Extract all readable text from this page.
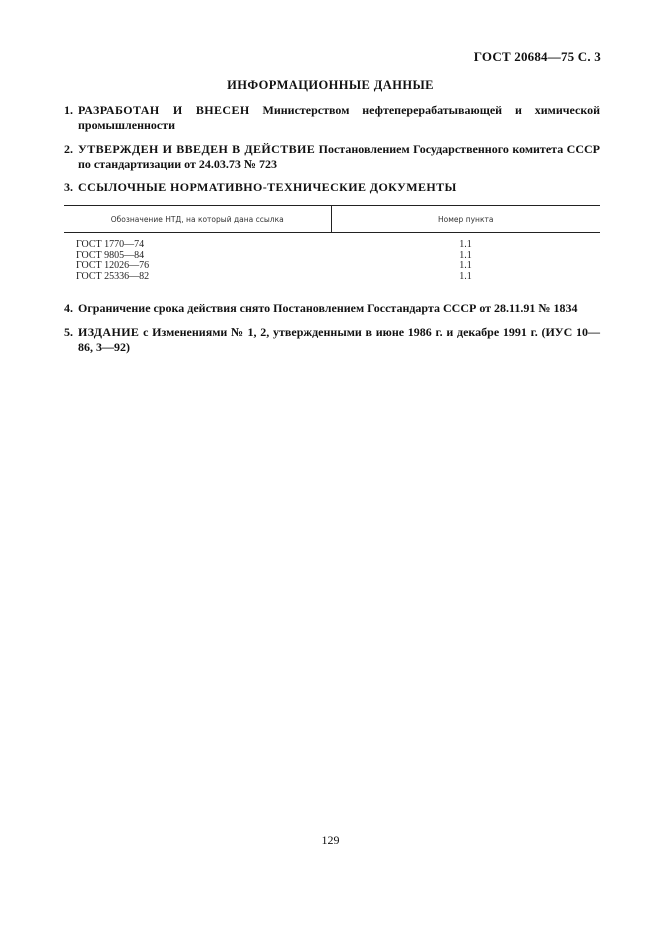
ГОСТ 20684—75 С. 3
ИНФОРМАЦИОННЫЕ ДАННЫЕ
1. РАЗРАБОТАН И ВНЕСЕН Министерством нефтеперерабатывающей и химической промышленности
2. УТВЕРЖДЕН И ВВЕДЕН В ДЕЙСТВИЕ Постановлением Государственного комитета СССР по стандартизации от 24.03.73 № 723
3. ССЫЛОЧНЫЕ НОРМАТИВНО-ТЕХНИЧЕСКИЕ ДОКУМЕНТЫ
Обозначение НТД, на который дана ссылка	Номер пункта
ГОСТ 1770—74
ГОСТ 9805—84
ГОСТ 12026—76
ГОСТ 25336—82
1.1
1.1
1.1
1.1
4. Ограничение срока действия снято Постановлением Госстандарта СССР от 28.11.91 № 1834
5. ИЗДАНИЕ с Изменениями № 1, 2, утвержденными в июне 1986 г. и декабре 1991 г. (ИУС 10—86, 3—92)
129
